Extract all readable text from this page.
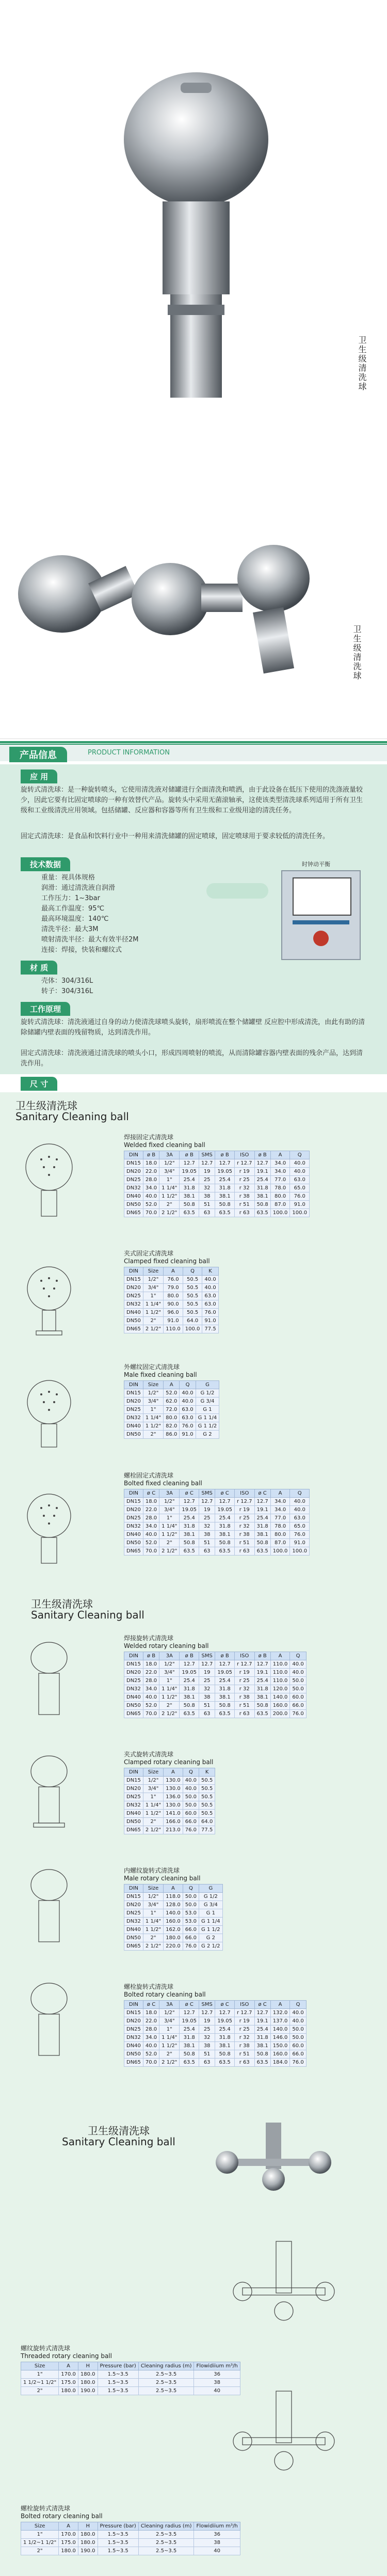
卫生级清洗球
卫生级清洗球
产品信息	PRODUCT INFORMATION
应 用
旋转式清洗球：是一种旋转喷头，它使用清洗液对储罐进行全面清洗和喷洒，由于此设备在低压下使用的洗涤液量较少，因此它要有比固定喷球的一种有效替代产品。旋转头中采用无菌滚轴承，这使该类型清洗球系列适用于所有卫生级和工业级清洗应用领域。包括储罐、反应器和容器等所有卫生级和工业级用途的清洗任务。
固定式清洗球：是食品和饮料行业中一种用来清洗储罐的固定喷球，固定喷球用于要求较低的清洗任务。
技术数据
重量：视具体规格
润滑：通过清洗液自润滑
工作压力：1~3bar
最高工作温度：95℃
最高环境温度：140℃
清洗半径：最大3M
喷射清洗半径：最大有效半径2M
连接：焊接，快装和螺纹式
材 质
壳体：304/316L
转子：304/316L
工作原理
旋转式清洗球：清洗液通过自身的动力使清洗球喷头旋转，扇形喷流在整个储罐壁 反应腔中形成清洗，由此有助的清除储罐内壁表面的残留物质，达到清洗作用。
固定式清洗球：清洗液通过清洗球的喷头小口，形成四周喷射的喷流，从而清除罐容器内壁表面的残余产品，达到清洗作用。
时钟动平衡
尺 寸
卫生级清洗球
Sanitary Cleaning ball
焊接固定式清洗球
Welded fixed cleaning ball
DIN	ø B	3A	ø B	SMS	ø B	ISO	ø B	A	Q
DN15	18.0	1/2"	12.7	12.7	12.7	r 12.7	12.7	34.0	40.0
DN20	22.0	3/4"	19.05	19	19.05	r 19	19.1	34.0	40.0
DN25	28.0	1"	25.4	25	25.4	r 25	25.4	77.0	63.0
DN32	34.0	1 1/4"	31.8	32	31.8	r 32	31.8	78.0	65.0
DN40	40.0	1 1/2"	38.1	38	38.1	r 38	38.1	80.0	76.0
DN50	52.0	2"	50.8	51	50.8	r 51	50.8	87.0	91.0
DN65	70.0	2 1/2"	63.5	63	63.5	r 63	63.5	100.0	100.0
夹式固定式清洗球
Clamped fixed cleaning ball
DIN	Size	A	Q	K
DN15	1/2"	76.0	50.5	40.0
DN20	3/4"	79.0	50.5	40.0
DN25	1"	80.0	50.5	63.0
DN32	1 1/4"	90.0	50.5	63.0
DN40	1 1/2"	96.0	50.5	76.0
DN50	2"	91.0	64.0	91.0
DN65	2 1/2"	110.0	100.0	77.5
外螺纹固定式清洗球
Male fixed cleaning ball
DIN	Size	A	Q	G
DN15	1/2"	52.0	40.0	G 1/2
DN20	3/4"	62.0	40.0	G 3/4
DN25	1"	72.0	63.0	G 1
DN32	1 1/4"	80.0	63.0	G 1 1/4
DN40	1 1/2"	82.0	76.0	G 1 1/2
DN50	2"	86.0	91.0	G 2
螺栓固定式清洗球
Bolted fixed cleaning ball
DIN	ø C	3A	ø C	SMS	ø C	ISO	ø C	A	Q
DN15	18.0	1/2"	12.7	12.7	12.7	r 12.7	12.7	34.0	40.0
DN20	22.0	3/4"	19.05	19	19.05	r 19	19.1	34.0	40.0
DN25	28.0	1"	25.4	25	25.4	r 25	25.4	77.0	63.0
DN32	34.0	1 1/4"	31.8	32	31.8	r 32	31.8	78.0	65.0
DN40	40.0	1 1/2"	38.1	38	38.1	r 38	38.1	80.0	76.0
DN50	52.0	2"	50.8	51	50.8	r 51	50.8	87.0	91.0
DN65	70.0	2 1/2"	63.5	63	63.5	r 63	63.5	100.0	100.0
卫生级清洗球
Sanitary Cleaning ball
焊接旋转式清洗球
Welded rotary cleaning ball
DIN	ø B	3A	ø B	SMS	ø B	ISO	ø B	A	Q
DN15	18.0	1/2"	12.7	12.7	12.7	r 12.7	12.7	110.0	40.0
DN20	22.0	3/4"	19.05	19	19.05	r 19	19.1	110.0	40.0
DN25	28.0	1"	25.4	25	25.4	r 25	25.4	110.0	50.0
DN32	34.0	1 1/4"	31.8	32	31.8	r 32	31.8	120.0	50.0
DN40	40.0	1 1/2"	38.1	38	38.1	r 38	38.1	140.0	60.0
DN50	52.0	2"	50.8	51	50.8	r 51	50.8	160.0	66.0
DN65	70.0	2 1/2"	63.5	63	63.5	r 63	63.5	200.0	76.0
夹式旋转式清洗球
Clamped rotary cleaning ball
DIN	Size	A	Q	K
DN15	1/2"	130.0	40.0	50.5
DN20	3/4"	130.0	40.0	50.5
DN25	1"	136.0	50.0	50.5
DN32	1 1/4"	130.0	50.0	50.5
DN40	1 1/2"	141.0	60.0	50.5
DN50	2"	166.0	66.0	64.0
DN65	2 1/2"	213.0	76.0	77.5
内螺纹旋转式清洗球
Male rotary cleaning ball
DIN	Size	A	Q	G
DN15	1/2"	118.0	50.0	G 1/2
DN20	3/4"	128.0	50.0	G 3/4
DN25	1"	140.0	53.0	G 1
DN32	1 1/4"	160.0	53.0	G 1 1/4
DN40	1 1/2"	162.0	66.0	G 1 1/2
DN50	2"	180.0	66.0	G 2
DN65	2 1/2"	220.0	76.0	G 2 1/2
螺栓旋转式清洗球
Bolted rotary cleaning ball
DIN	ø C	3A	ø C	SMS	ø C	ISO	ø C	A	Q
DN15	18.0	1/2"	12.7	12.7	12.7	r 12.7	12.7	132.0	40.0
DN20	22.0	3/4"	19.05	19	19.05	r 19	19.1	137.0	40.0
DN25	28.0	1"	25.4	25	25.4	r 25	25.4	140.0	50.0
DN32	34.0	1 1/4"	31.8	32	31.8	r 32	31.8	146.0	50.0
DN40	40.0	1 1/2"	38.1	38	38.1	r 38	38.1	150.0	60.0
DN50	52.0	2"	50.8	51	50.8	r 51	50.8	160.0	66.0
DN65	70.0	2 1/2"	63.5	63	63.5	r 63	63.5	184.0	76.0
卫生级清洗球
Sanitary Cleaning ball
螺纹旋转式清洗球
Threaded rotary cleaning ball
Size	A	H	Pressure (bar)	Cleaning radius (m)	Flowidiium m³/h
1"	170.0	180.0	1.5~3.5	2.5~3.5	36
1 1/2~1 1/2"	175.0	180.0	1.5~3.5	2.5~3.5	38
2"	180.0	190.0	1.5~3.5	2.5~3.5	40
螺栓旋转式清洗球
Bolted rotary cleaning ball
Size	A	H	Pressure (bar)	Cleaning radius (m)	Flowidiium m³/h
1"	170.0	180.0	1.5~3.5	2.5~3.5	36
1 1/2~1 1/2"	175.0	180.0	1.5~3.5	2.5~3.5	38
2"	180.0	190.0	1.5~3.5	2.5~3.5	40
